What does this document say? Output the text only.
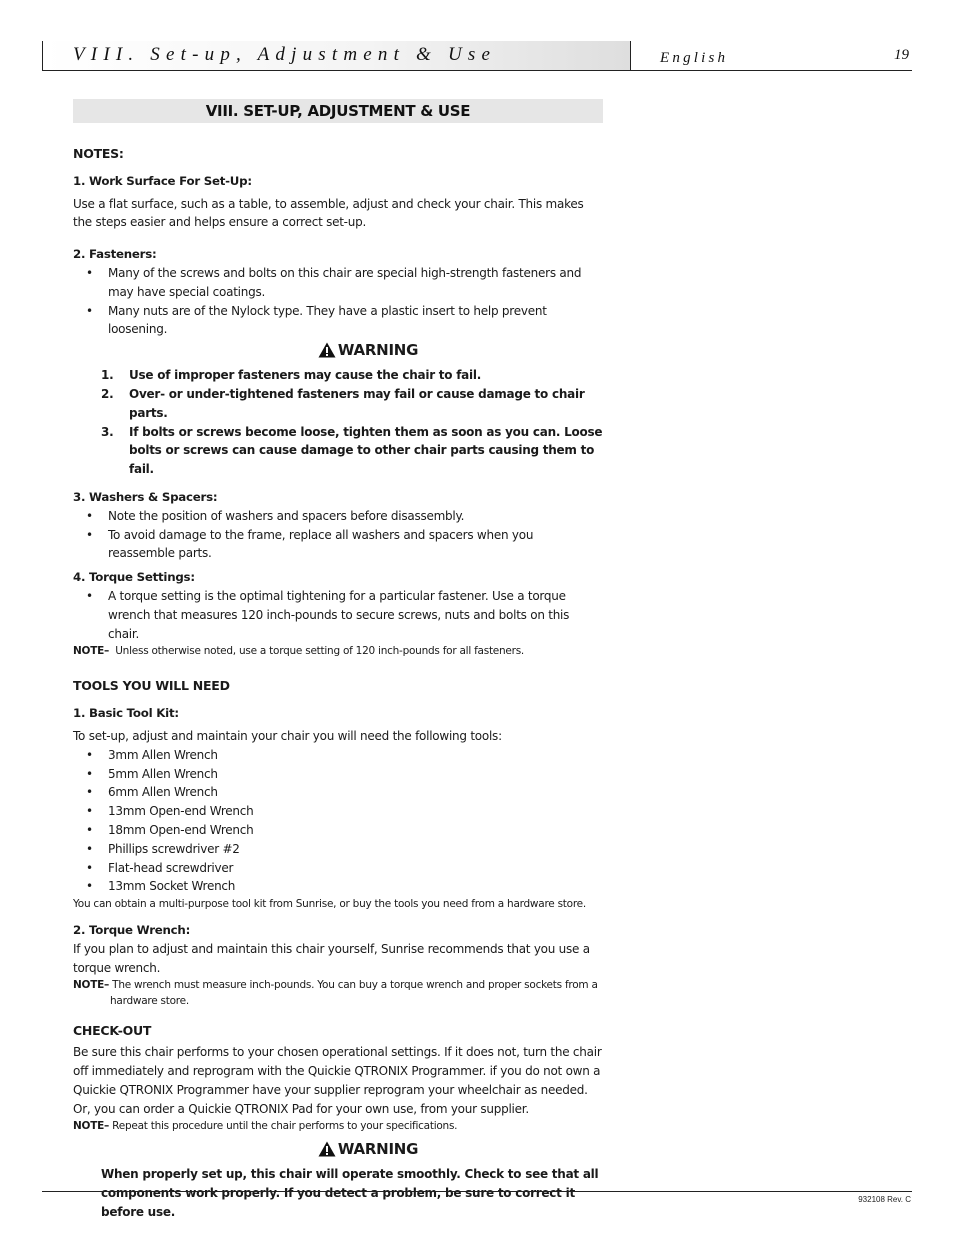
VIII. Set-up, Adjustment & Use	English	19
VIII. SET-UP, ADJUSTMENT & USE
NOTES:
1. Work Surface For Set-Up:

Use a flat surface, such as a table, to assemble, adjust and check your chair. This makes the steps easier and helps ensure a correct set-up.

2. Fasteners:
• Many of the screws and bolts on this chair are special high-strength fasteners and may have special coatings.
• Many nuts are of the Nylock type. They have a plastic insert to help prevent loosening.
WARNING
1. Use of improper fasteners may cause the chair to fail.
2. Over- or under-tightened fasteners may fail or cause damage to chair parts.
3. If bolts or screws become loose, tighten them as soon as you can. Loose bolts or screws can cause damage to other chair parts causing them to fail.
3. Washers & Spacers:
• Note the position of washers and spacers before disassembly.
• To avoid damage to the frame, replace all washers and spacers when you reassemble parts.
4. Torque Settings:
• A torque setting is the optimal tightening for a particular fastener. Use a torque wrench that measures 120 inch-pounds to secure screws, nuts and bolts on this chair.
NOTE– Unless otherwise noted, use a torque setting of 120 inch-pounds for all fasteners.
TOOLS YOU WILL NEED
1. Basic Tool Kit:

To set-up, adjust and maintain your chair you will need the following tools:

• 3mm Allen Wrench
• 5mm Allen Wrench
• 6mm Allen Wrench
• 13mm Open-end Wrench
• 18mm Open-end Wrench
• Phillips screwdriver #2
• Flat-head screwdriver
• 13mm Socket Wrench
You can obtain a multi-purpose tool kit from Sunrise, or buy the tools you need from a hardware store.
2. Torque Wrench:

If you plan to adjust and maintain this chair yourself, Sunrise recommends that you use a torque wrench.

NOTE– The wrench must measure inch-pounds. You can buy a torque wrench and proper sockets from a hardware store.
CHECK-OUT

Be sure this chair performs to your chosen operational settings. If it does not, turn the chair off immediately and reprogram with the Quickie QTRONIX Programmer. if you do not own a Quickie QTRONIX Programmer have your supplier reprogram your wheelchair as needed. Or, you can order a Quickie QTRONIX Pad for your own use, from your supplier.

NOTE– Repeat this procedure until the chair performs to your specifications.
WARNING

When properly set up, this chair will operate smoothly. Check to see that all components work properly. If you detect a problem, be sure to correct it before use.

932108 Rev. C
